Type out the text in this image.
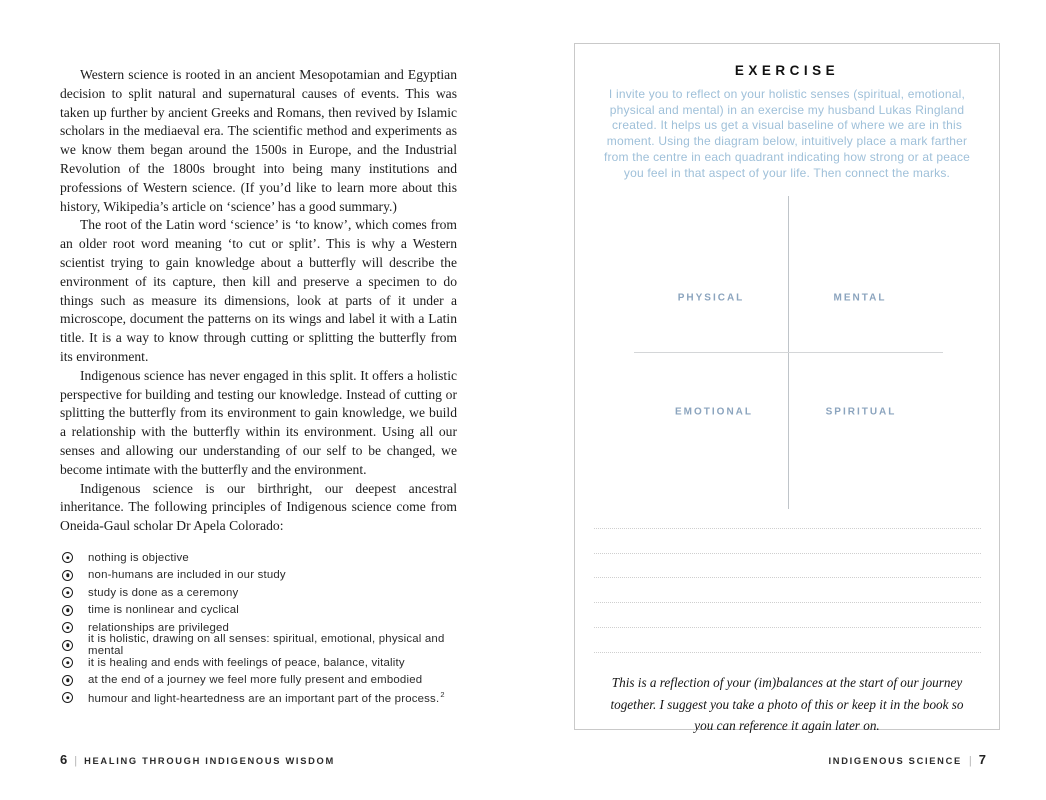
Western science is rooted in an ancient Mesopotamian and Egyptian decision to split natural and supernatural causes of events. This was taken up further by ancient Greeks and Romans, then revived by Islamic scholars in the mediaeval era. The scientific method and experiments as we know them began around the 1500s in Europe, and the Industrial Revolution of the 1800s brought into being many institutions and professions of Western science. (If you’d like to learn more about this history, Wikipedia’s article on ‘science’ has a good summary.)

The root of the Latin word ‘science’ is ‘to know’, which comes from an older root word meaning ‘to cut or split’. This is why a Western scientist trying to gain knowledge about a butterfly will describe the environment of its capture, then kill and preserve a specimen to do things such as measure its dimensions, look at parts of it under a microscope, document the patterns on its wings and label it with a Latin title. It is a way to know through cutting or splitting the butterfly from its environment.

Indigenous science has never engaged in this split. It offers a holistic perspective for building and testing our knowledge. Instead of cutting or splitting the butterfly from its environment to gain knowledge, we build a relationship with the butterfly within its environment. Using all our senses and allowing our understanding of our self to be changed, we become intimate with the butterfly and the environment.

Indigenous science is our birthright, our deepest ancestral inheritance. The following principles of Indigenous science come from Oneida-Gaul scholar Dr Apela Colorado:

nothing is objective
non-humans are included in our study
study is done as a ceremony
time is nonlinear and cyclical
relationships are privileged
it is holistic, drawing on all senses: spiritual, emotional, physical and mental
it is healing and ends with feelings of peace, balance, vitality
at the end of a journey we feel more fully present and embodied
humour and light-heartedness are an important part of the process.$^2$
6 | HEALING THROUGH INDIGENOUS WISDOM
EXERCISE
I invite you to reflect on your holistic senses (spiritual, emotional, physical and mental) in an exercise my husband Lukas Ringland created. It helps us get a visual baseline of where we are in this moment. Using the diagram below, intuitively place a mark farther from the centre in each quadrant indicating how strong or at peace you feel in that aspect of your life. Then connect the marks.
PHYSICAL	MENTAL
EMOTIONAL	SPIRITUAL
This is a reflection of your (im)balances at the start of our journey together. I suggest you take a photo of this or keep it in the book so you can reference it again later on.
INDIGENOUS SCIENCE | 7
